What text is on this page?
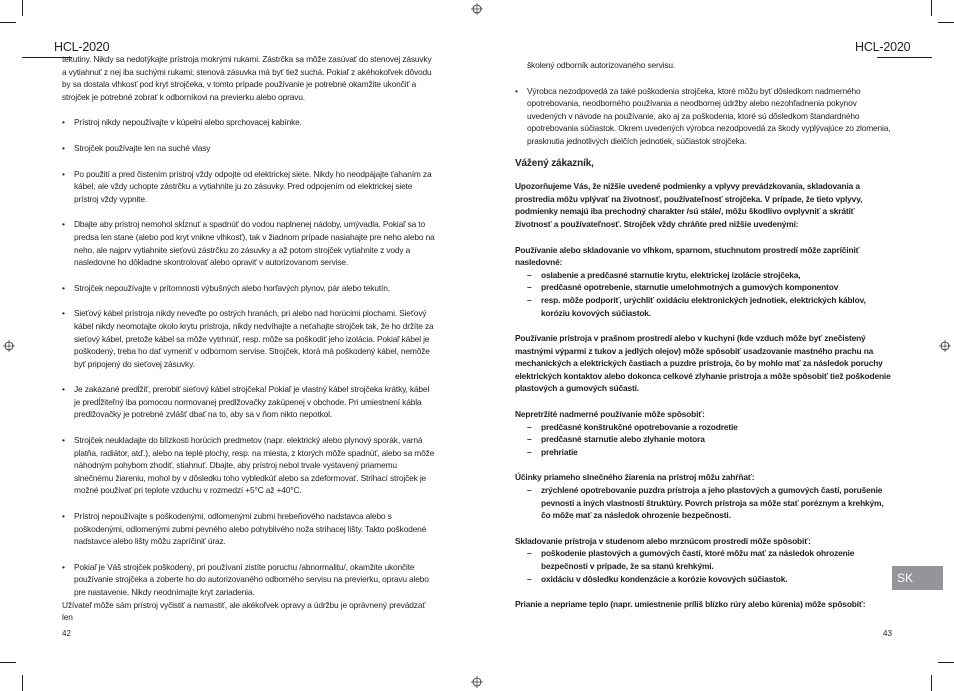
HCL-2020

tekutiny. Nikdy sa nedotýkajte prístroja mokrými rukami. Zástrčka sa môže zasúvať do stenovej zásuvky a vytiahnuť z nej iba suchými rukami; stenová zásuvka má byť tiež suchá. Pokiaľ z akéhokoľvek dôvodu by sa dostala vlhkosť pod kryt strojčeka, v tomto prípade používanie je potrebné okamžite ukončiť a strojček je potrebné zobrať k odborníkovi na previerku alebo opravu.

• Prístroj nikdy nepoužívajte v kúpelni alebo sprchovacej kabínke.
• Strojček používajte len na suché vlasy
• Po použití a pred čistením prístroj vždy odpojte od elektrickej siete. Nikdy ho neodpájajte ťahaním za kábel, ale vždy uchopte zástrčku a vytiahnite ju zo zásuvky. Pred odpojením od elektrickej siete prístroj vždy vypnite.
• Dbajte aby prístroj nemohol skĺznuť a spadnúť do vodou naplnenej nádoby, umývadla. Pokiaľ sa to predsa len stane (alebo pod kryt vnikne vlhkosť), tak v žiadnom prípade nasiahajte pre neho alebo na neho, ale najprv vytiahnite sieťovú zástrčku zo zásuvky a až potom strojček vytiahnite z vody a nasledovne ho dôkladne skontrolovať alebo opraviť v autorizovanom servise.
• Strojček nepoužívajte v prítomnosti výbušných alebo horľavých plynov, pár alebo tekutín.
• Sieťový kábel prístroja nikdy neveďte po ostrých hranách, pri alebo nad horúcimi plochami. Sieťový kábel nikdy neomotajte okolo krytu prístroja, nikdy nedvíhajte a neťahajte strojček tak, že ho držíte za sieťový kábel, pretože kábel sa môže vytrhnúť, resp. môže sa poškodiť jeho izolácia. Pokiaľ kábel je poškodený, treba ho dať vymeniť v odbornom servise. Strojček, ktorá má poškodený kábel, nemôže byť pripojený do sieťovej zásuvky.
• Je zakázané predĺžiť, prerobiť sieťový kábel strojčeka! Pokiaľ je vlastný kábel strojčeka krátky, kábel je predĺžiteľný iba pomocou normovanej predlžovačky zakúpenej v obchode. Pri umiestnení kábla predlžovačky je potrebné zvlášť dbať na to, aby sa v ňom nikto nepotkol.
• Strojček neukladajte do blízkosti horúcich predmetov (napr. elektrický alebo plynový sporák, varná platňa, radiátor, atď.), alebo na teplé plochy, resp. na miesta, z ktorých môže spadnúť, alebo sa môže náhodným pohybom zhodiť, stiahnuť. Dbajte, aby prístroj nebol trvale vystavený priamemu slnečnému žiareniu, mohol by v dôsledku toho vybledkúť alebo sa zdeformovať. Strihací strojček je možné používať pri teplote vzduchu v rozmedzí +5°C až +40°C.
• Prístroj nepoužívajte s poškodenými, odlomenými zubmi hrebeňového nadstavca alebo s poškodenými, odlomenými zubmi pevného alebo pohyblivého noža strihacej lišty. Takto poškodené nadstavce alebo lišty môžu zapríčiniť úraz.
• Pokiaľ je Váš strojček poškodený, pri používaní zistíte poruchu /abnormalitu/, okamžite ukončite používanie strojčeka a zoberte ho do autorizovaného odborného servisu na previerku, opravu alebo pre nastavenie. Nikdy neodnímajte kryt zariadenia.

Užívateľ môže sám prístroj vyčistiť a namastiť, ale akékoľvek opravy a údržbu je oprávnený prevádzať len

42
HCL-2020

školený odborník autorizovaného servisu.

• Výrobca nezodpovedá za také poškodenia strojčeka, ktoré môžu byť dôsledkom nadmerného opotrebovania, neodborného používania a neodbornej údržby alebo nezohľadnenia pokynov uvedených v návode na používanie, ako aj za poškodenia, ktoré sú dôsledkom štandardného opotrebovania súčiastok. Okrem uvedených výrobca nezodpovedá za škody vyplývajúce zo zlomenia, prasknutia jednotlivých dielčích jednotiek, súčiastok strojčeka.

Vážený zákazník,

Upozorňujeme Vás, že nižšie uvedené podmienky a vplyvy prevádzkovania, skladovania a prostredia môžu vplývať na životnosť, používateľnosť strojčeka. V prípade, že tieto vplyvy, podmienky nemajú iba prechodný charakter /sú stále/, môžu škodlivo ovplyvniť a skrátiť životnosť a používateľnosť. Strojček vždy chráňte pred nižšie uvedenými:

Používanie alebo skladovanie vo vlhkom, sparnom, stuchnutom prostredí môže zapríčiniť nasledovné:

– oslabenie a predčasné starnutie krytu, elektrickej izolácie strojčeka,
– predčasné opotrebenie, starnutie umelohmotných a gumových komponentov
– resp. môže podporiť, urýchliť oxidáciu elektronických jednotiek, elektrických káblov, koróziu kovových súčiastok.

Používanie prístroja v prašnom prostredí alebo v kuchyni (kde vzduch môže byť znečistený mastnými výparmi z tukov a jedlých olejov) môže spôsobiť usadzovanie mastného prachu na mechanických a elektrických častiach a puzdre prístroja, čo by mohlo mať za následok poruchy elektrických kontaktov alebo dokonca celkové zlyhanie prístroja a môže spôsobiť tiež poškodenie plastových a gumových súčastí.

Nepretržité nadmerné používanie môže spôsobiť:

– predčasné konštrukčné opotrebovanie a rozodretie
– predčasné starnutie alebo zlyhanie motora
– prehriatie

Účinky priameho slnečného žiarenia na prístroj môžu zahŕňať:

– zrýchlené opotrebovanie puzdra prístroja a jeho plastových a gumových častí, porušenie pevnosti a iných vlastností štruktúry. Povrch prístroja sa môže stať poréznym a krehkým, čo môže mať za následok ohrozenie bezpečnosti.

Skladovanie prístroja v studenom alebo mrznúcom prostredí môže spôsobiť:

– poškodenie plastových a gumových častí, ktoré môžu mať za následok ohrozenie bezpečnosti v prípade, že sa stanú krehkými.
– oxidáciu v dôsledku kondenzácie a korózie kovových súčiastok.

Prianie a nepriame teplo (napr. umiestnenie príliš blízko rúry alebo kúrenia) môže spôsobiť:

SK
43
